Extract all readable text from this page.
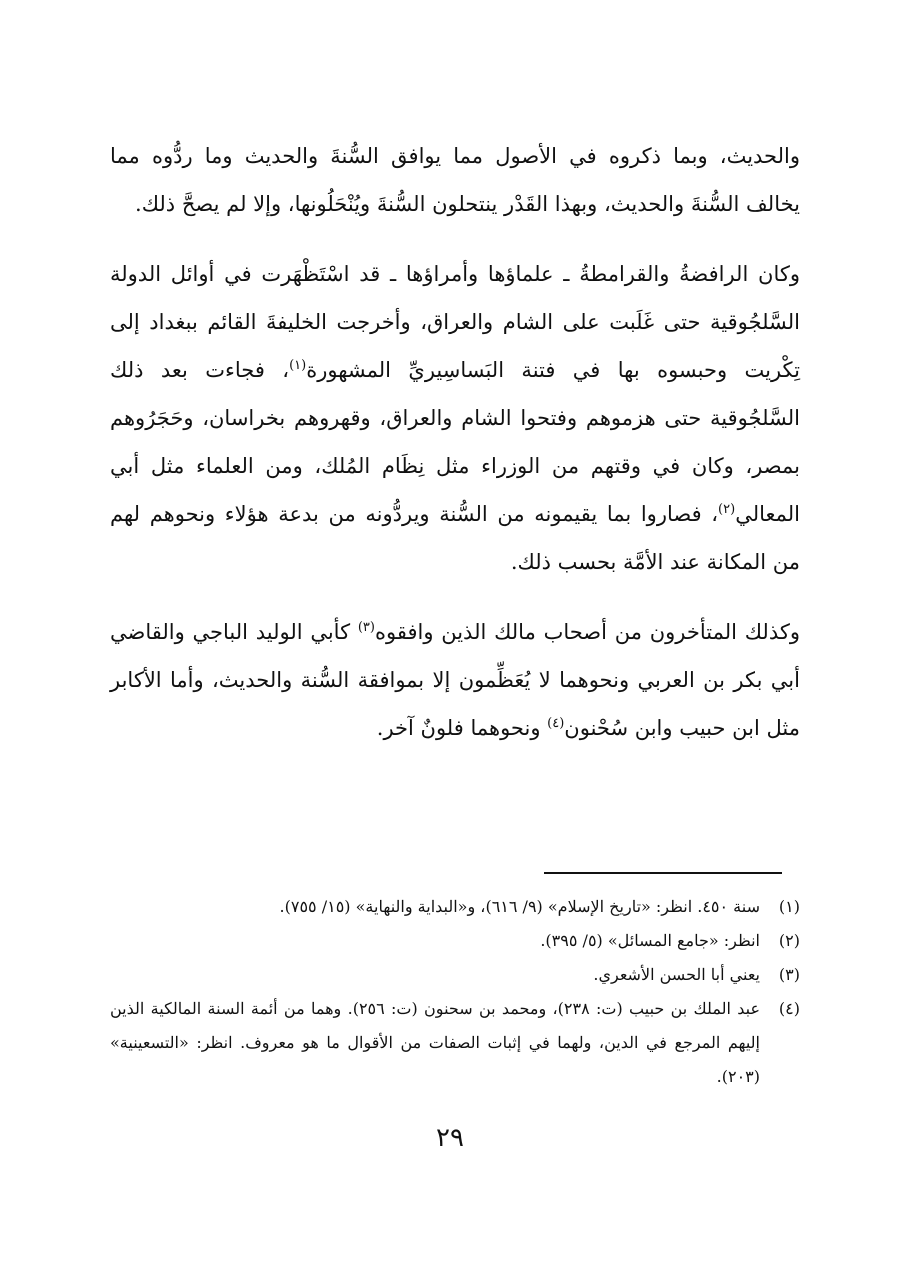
والحديث، وبما ذكروه في الأصول مما يوافق السُّنةَ والحديث وما ردُّوه مما يخالف السُّنةَ والحديث، وبهذا القَدْر ينتحلون السُّنةَ ويُنْحَلُونها، وإلا لم يصحَّ ذلك.

وكان الرافضةُ والقرامطةُ ـ علماؤها وأمراؤها ـ قد اسْتَظْهَرت في أوائل الدولة السَّلجُوقية حتى غَلَبت على الشام والعراق، وأخرجت الخليفةَ القائم ببغداد إلى تِكْريت وحبسوه بها في فتنة البَساسِيريِّ المشهورة$^{(١)}$، فجاءت بعد ذلك السَّلجُوقية حتى هزموهم وفتحوا الشام والعراق، وقهروهم بخراسان، وحَجَرُوهم بمصر، وكان في وقتهم من الوزراء مثل نِظَام المُلك، ومن العلماء مثل أبي المعالي$^{(٢)}$، فصاروا بما يقيمونه من السُّنة ويردُّونه من بدعة هؤلاء ونحوهم لهم من المكانة عند الأمَّة بحسب ذلك.

وكذلك المتأخرون من أصحاب مالك الذين وافقوه$^{(٣)}$ كأبي الوليد الباجي والقاضي أبي بكر بن العربي ونحوهما لا يُعَظِّمون إلا بموافقة السُّنة والحديث، وأما الأكابر مثل ابن حبيب وابن سُحْنون$^{(٤)}$ ونحوهما فلونٌ آخر.

(١)
سنة ٤٥٠. انظر: «تاريخ الإسلام» (٩/ ٦١٦)، و«البداية والنهاية» (١٥/ ٧٥٥).
(٢)
انظر: «جامع المسائل» (٥/ ٣٩٥).
(٣)
يعني أبا الحسن الأشعري.
(٤)
عبد الملك بن حبيب (ت: ٢٣٨)، ومحمد بن سحنون (ت: ٢٥٦). وهما من أئمة السنة المالكية الذين إليهم المرجع في الدين، ولهما في إثبات الصفات من الأقوال ما هو معروف. انظر: «التسعينية» (٢٠٣).
٢٩
